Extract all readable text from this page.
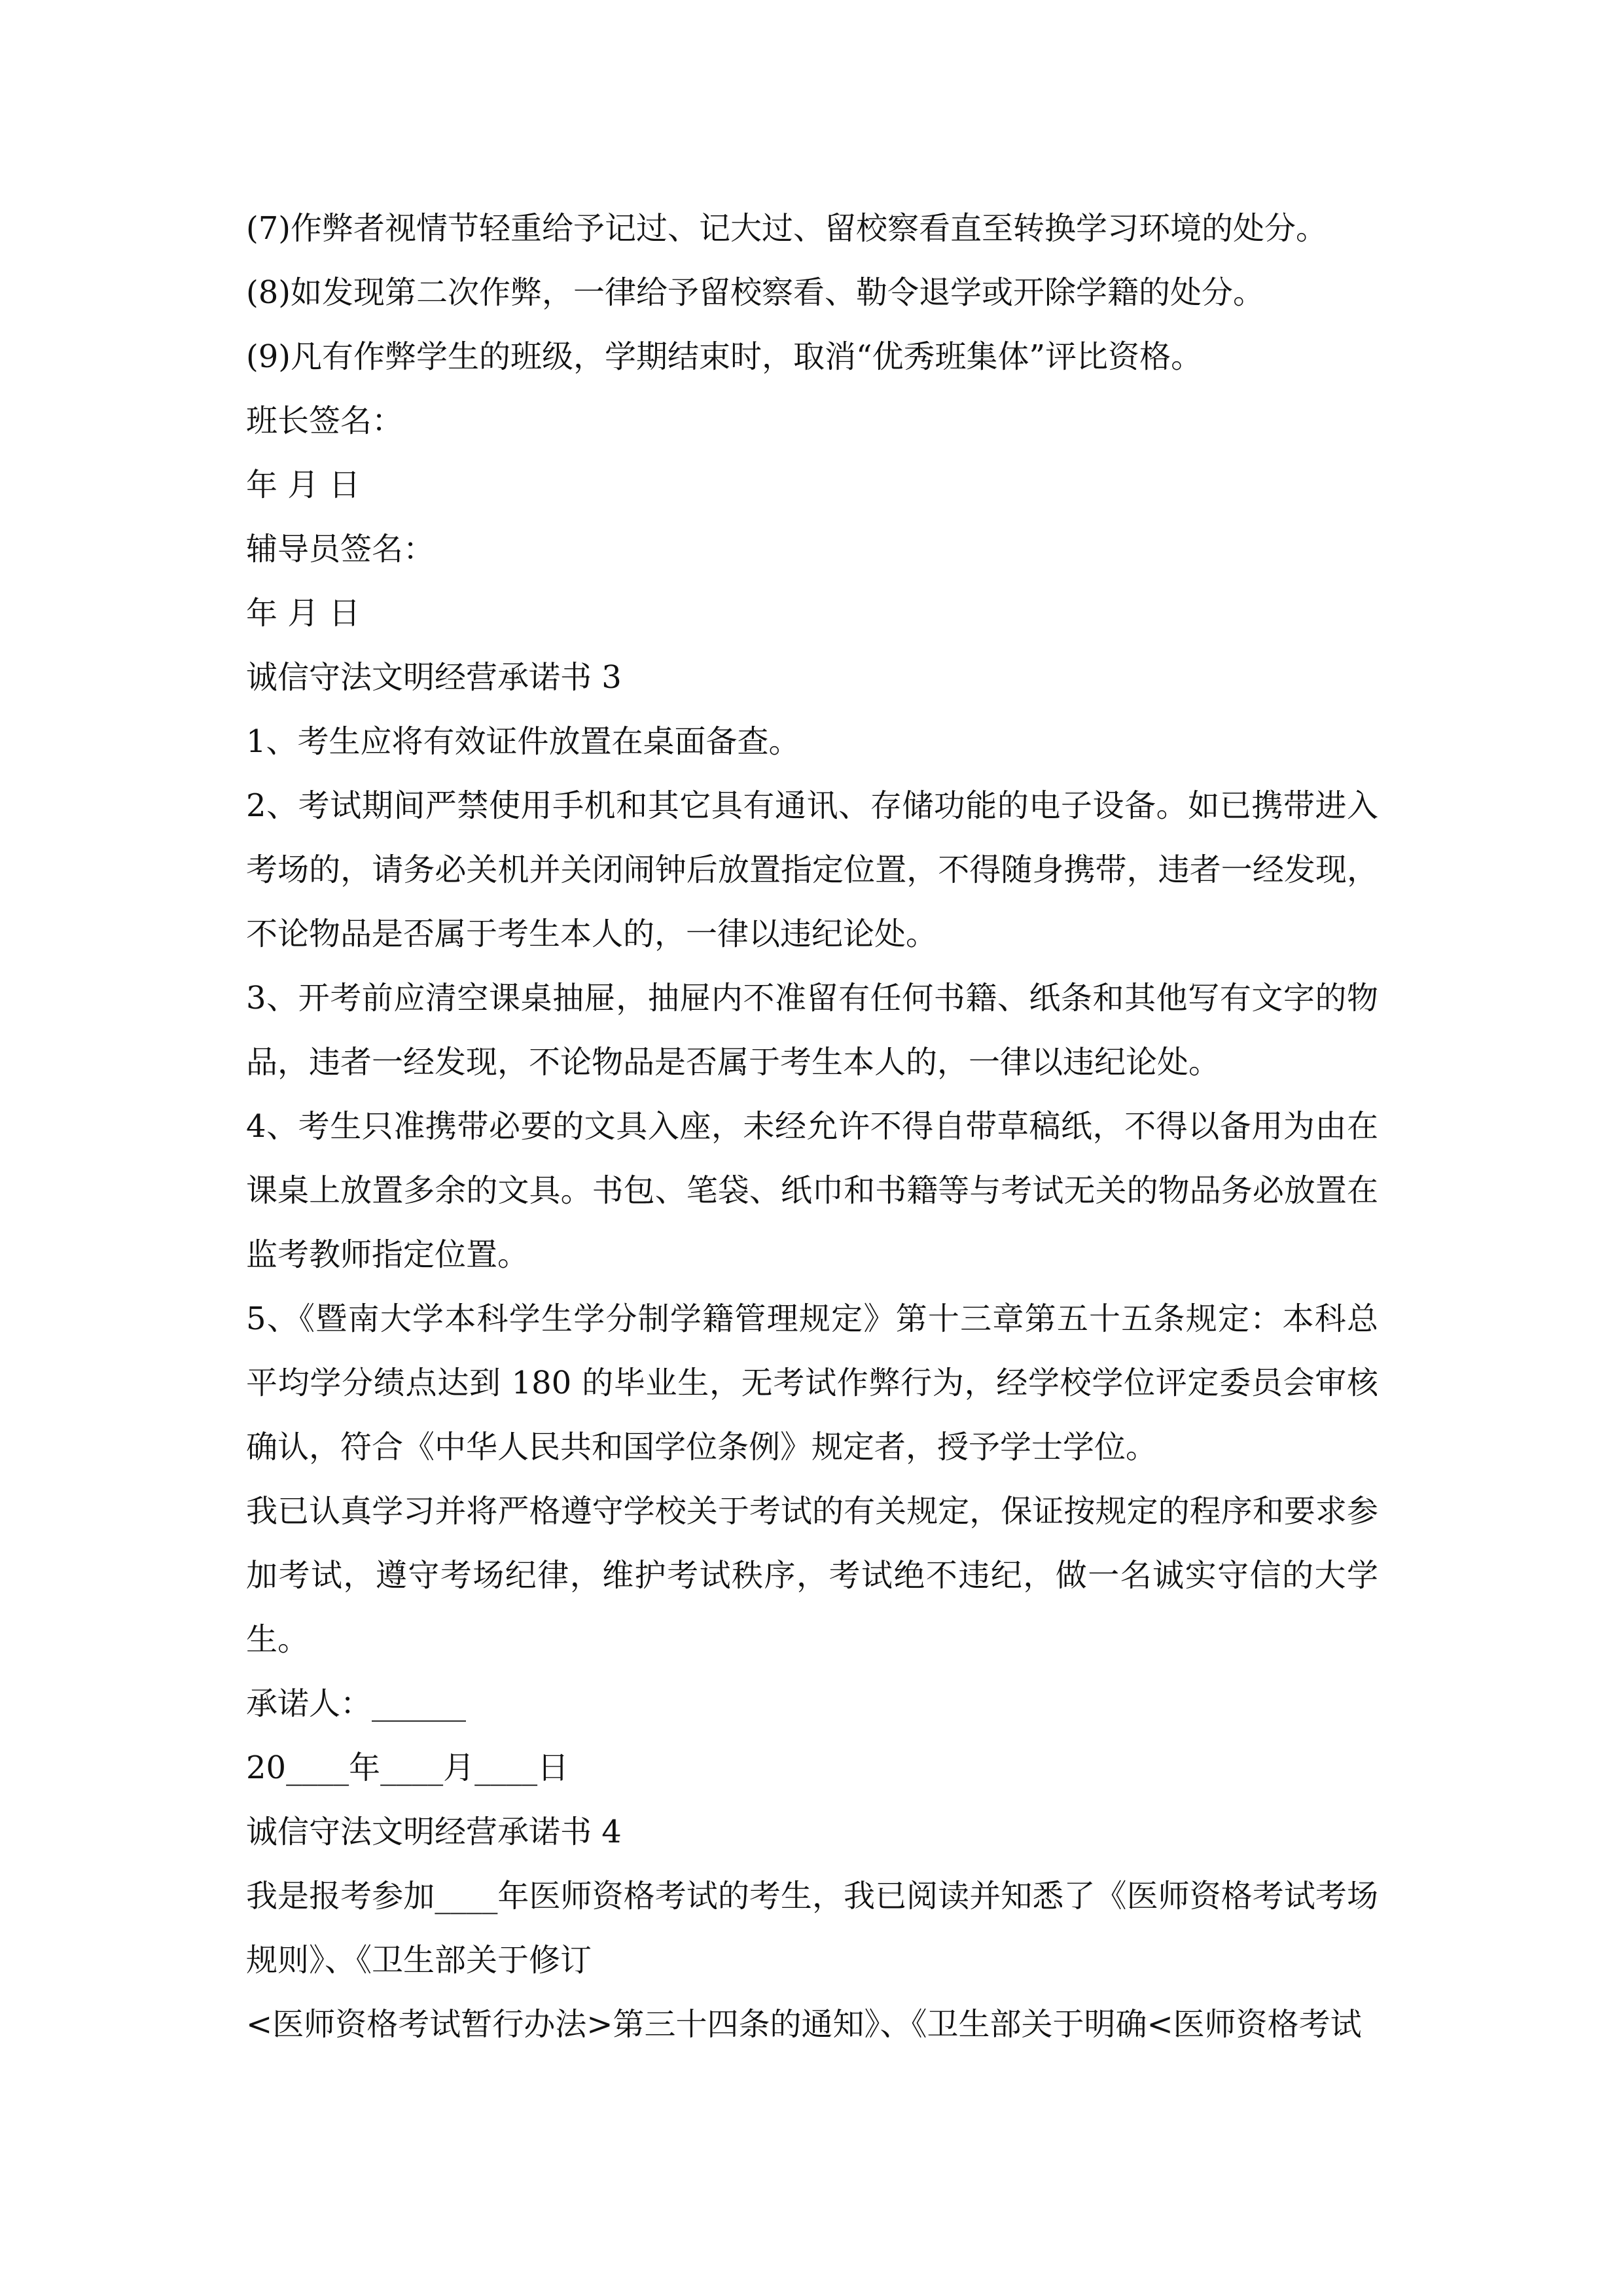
(7)作弊者视情节轻重给予记过、记大过、留校察看直至转换学习环境的处分。

(8)如发现第二次作弊，一律给予留校察看、勒令退学或开除学籍的处分。

(9)凡有作弊学生的班级，学期结束时，取消“优秀班集体”评比资格。

班长签名：

年 月 日

辅导员签名：

年 月 日

诚信守法文明经营承诺书 3

1、考生应将有效证件放置在桌面备查。

2、考试期间严禁使用手机和其它具有通讯、存储功能的电子设备。如已携带进入考场的，请务必关机并关闭闹钟后放置指定位置，不得随身携带，违者一经发现，不论物品是否属于考生本人的，一律以违纪论处。

3、开考前应清空课桌抽屉，抽屉内不准留有任何书籍、纸条和其他写有文字的物品，违者一经发现，不论物品是否属于考生本人的，一律以违纪论处。

4、考生只准携带必要的文具入座，未经允许不得自带草稿纸，不得以备用为由在课桌上放置多余的文具。书包、笔袋、纸巾和书籍等与考试无关的物品务必放置在监考教师指定位置。

5、《暨南大学本科学生学分制学籍管理规定》第十三章第五十五条规定：本科总平均学分绩点达到 180 的毕业生，无考试作弊行为，经学校学位评定委员会审核确认，符合《中华人民共和国学位条例》规定者，授予学士学位。

我已认真学习并将严格遵守学校关于考试的有关规定，保证按规定的程序和要求参加考试，遵守考场纪律，维护考试秩序，考试绝不违纪，做一名诚实守信的大学生。

承诺人：______

20____年____月____日

诚信守法文明经营承诺书 4

我是报考参加____年医师资格考试的考生，我已阅读并知悉了《医师资格考试考场规则》、《卫生部关于修订

<医师资格考试暂行办法>第三十四条的通知》、《卫生部关于明确<医师资格考试
